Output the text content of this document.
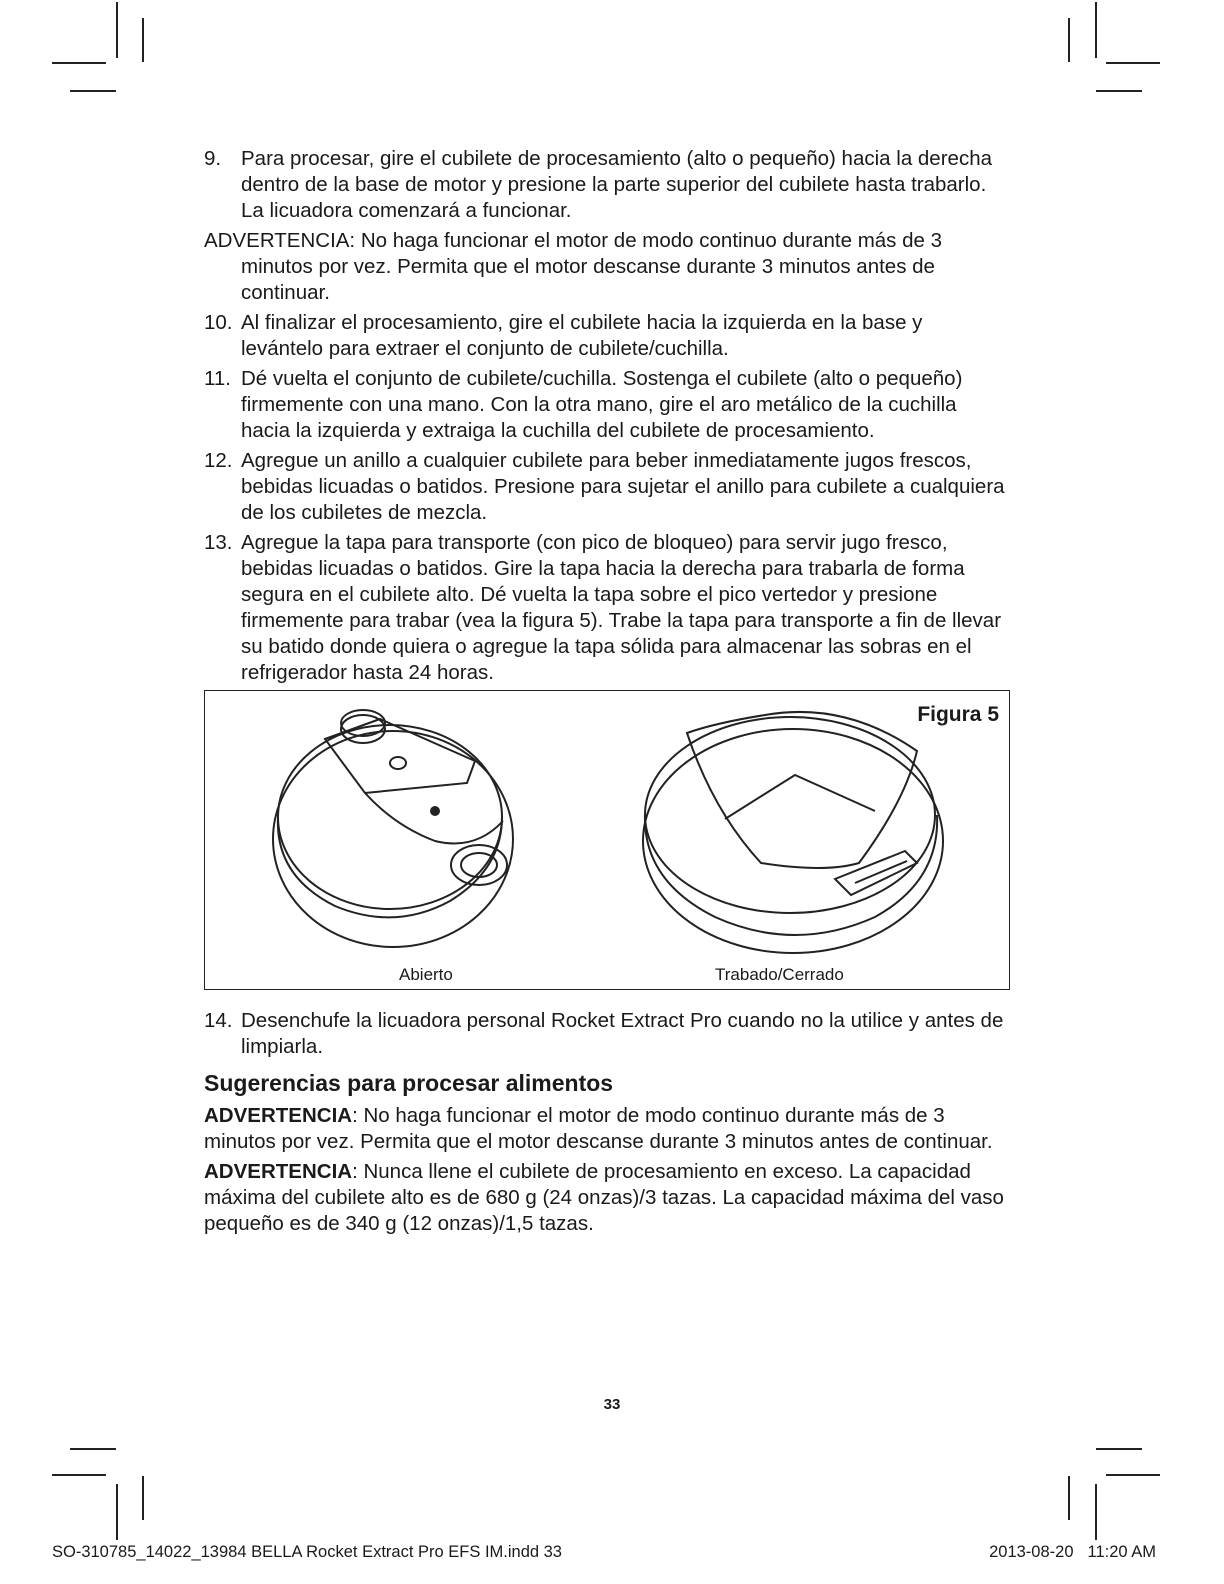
9. Para procesar, gire el cubilete de procesamiento (alto o pequeño) hacia la derecha dentro de la base de motor y presione la parte superior del cubilete hasta trabarlo. La licuadora comenzará a funcionar.
ADVERTENCIA: No haga funcionar el motor de modo continuo durante más de 3 minutos por vez. Permita que el motor descanse durante 3 minutos antes de continuar.
10. Al finalizar el procesamiento, gire el cubilete hacia la izquierda en la base y levántelo para extraer el conjunto de cubilete/cuchilla.
11. Dé vuelta el conjunto de cubilete/cuchilla. Sostenga el cubilete (alto o pequeño) firmemente con una mano. Con la otra mano, gire el aro metálico de la cuchilla hacia la izquierda y extraiga la cuchilla del cubilete de procesamiento.
12. Agregue un anillo a cualquier cubilete para beber inmediatamente jugos frescos, bebidas licuadas o batidos. Presione para sujetar el anillo para cubilete a cualquiera de los cubiletes de mezcla.
13. Agregue la tapa para transporte (con pico de bloqueo) para servir jugo fresco, bebidas licuadas o batidos. Gire la tapa hacia la derecha para trabarla de forma segura en el cubilete alto. Dé vuelta la tapa sobre el pico vertedor y presione firmemente para trabar (vea la figura 5). Trabe la tapa para transporte a fin de llevar su batido donde quiera o agregue la tapa sólida para almacenar las sobras en el refrigerador hasta 24 horas.
Figura 5
Abierto	Trabado/Cerrado
14. Desenchufe la licuadora personal Rocket Extract Pro cuando no la utilice y antes de limpiarla.
Sugerencias para procesar alimentos
ADVERTENCIA: No haga funcionar el motor de modo continuo durante más de 3 minutos por vez. Permita que el motor descanse durante 3 minutos antes de continuar.
ADVERTENCIA: Nunca llene el cubilete de procesamiento en exceso. La capacidad máxima del cubilete alto es de 680 g (24 onzas)/3 tazas. La capacidad máxima del vaso pequeño es de 340 g (12 onzas)/1,5 tazas.
33
SO-310785_14022_13984 BELLA Rocket Extract Pro EFS IM.indd 33	2013-08-20 11:20 AM
